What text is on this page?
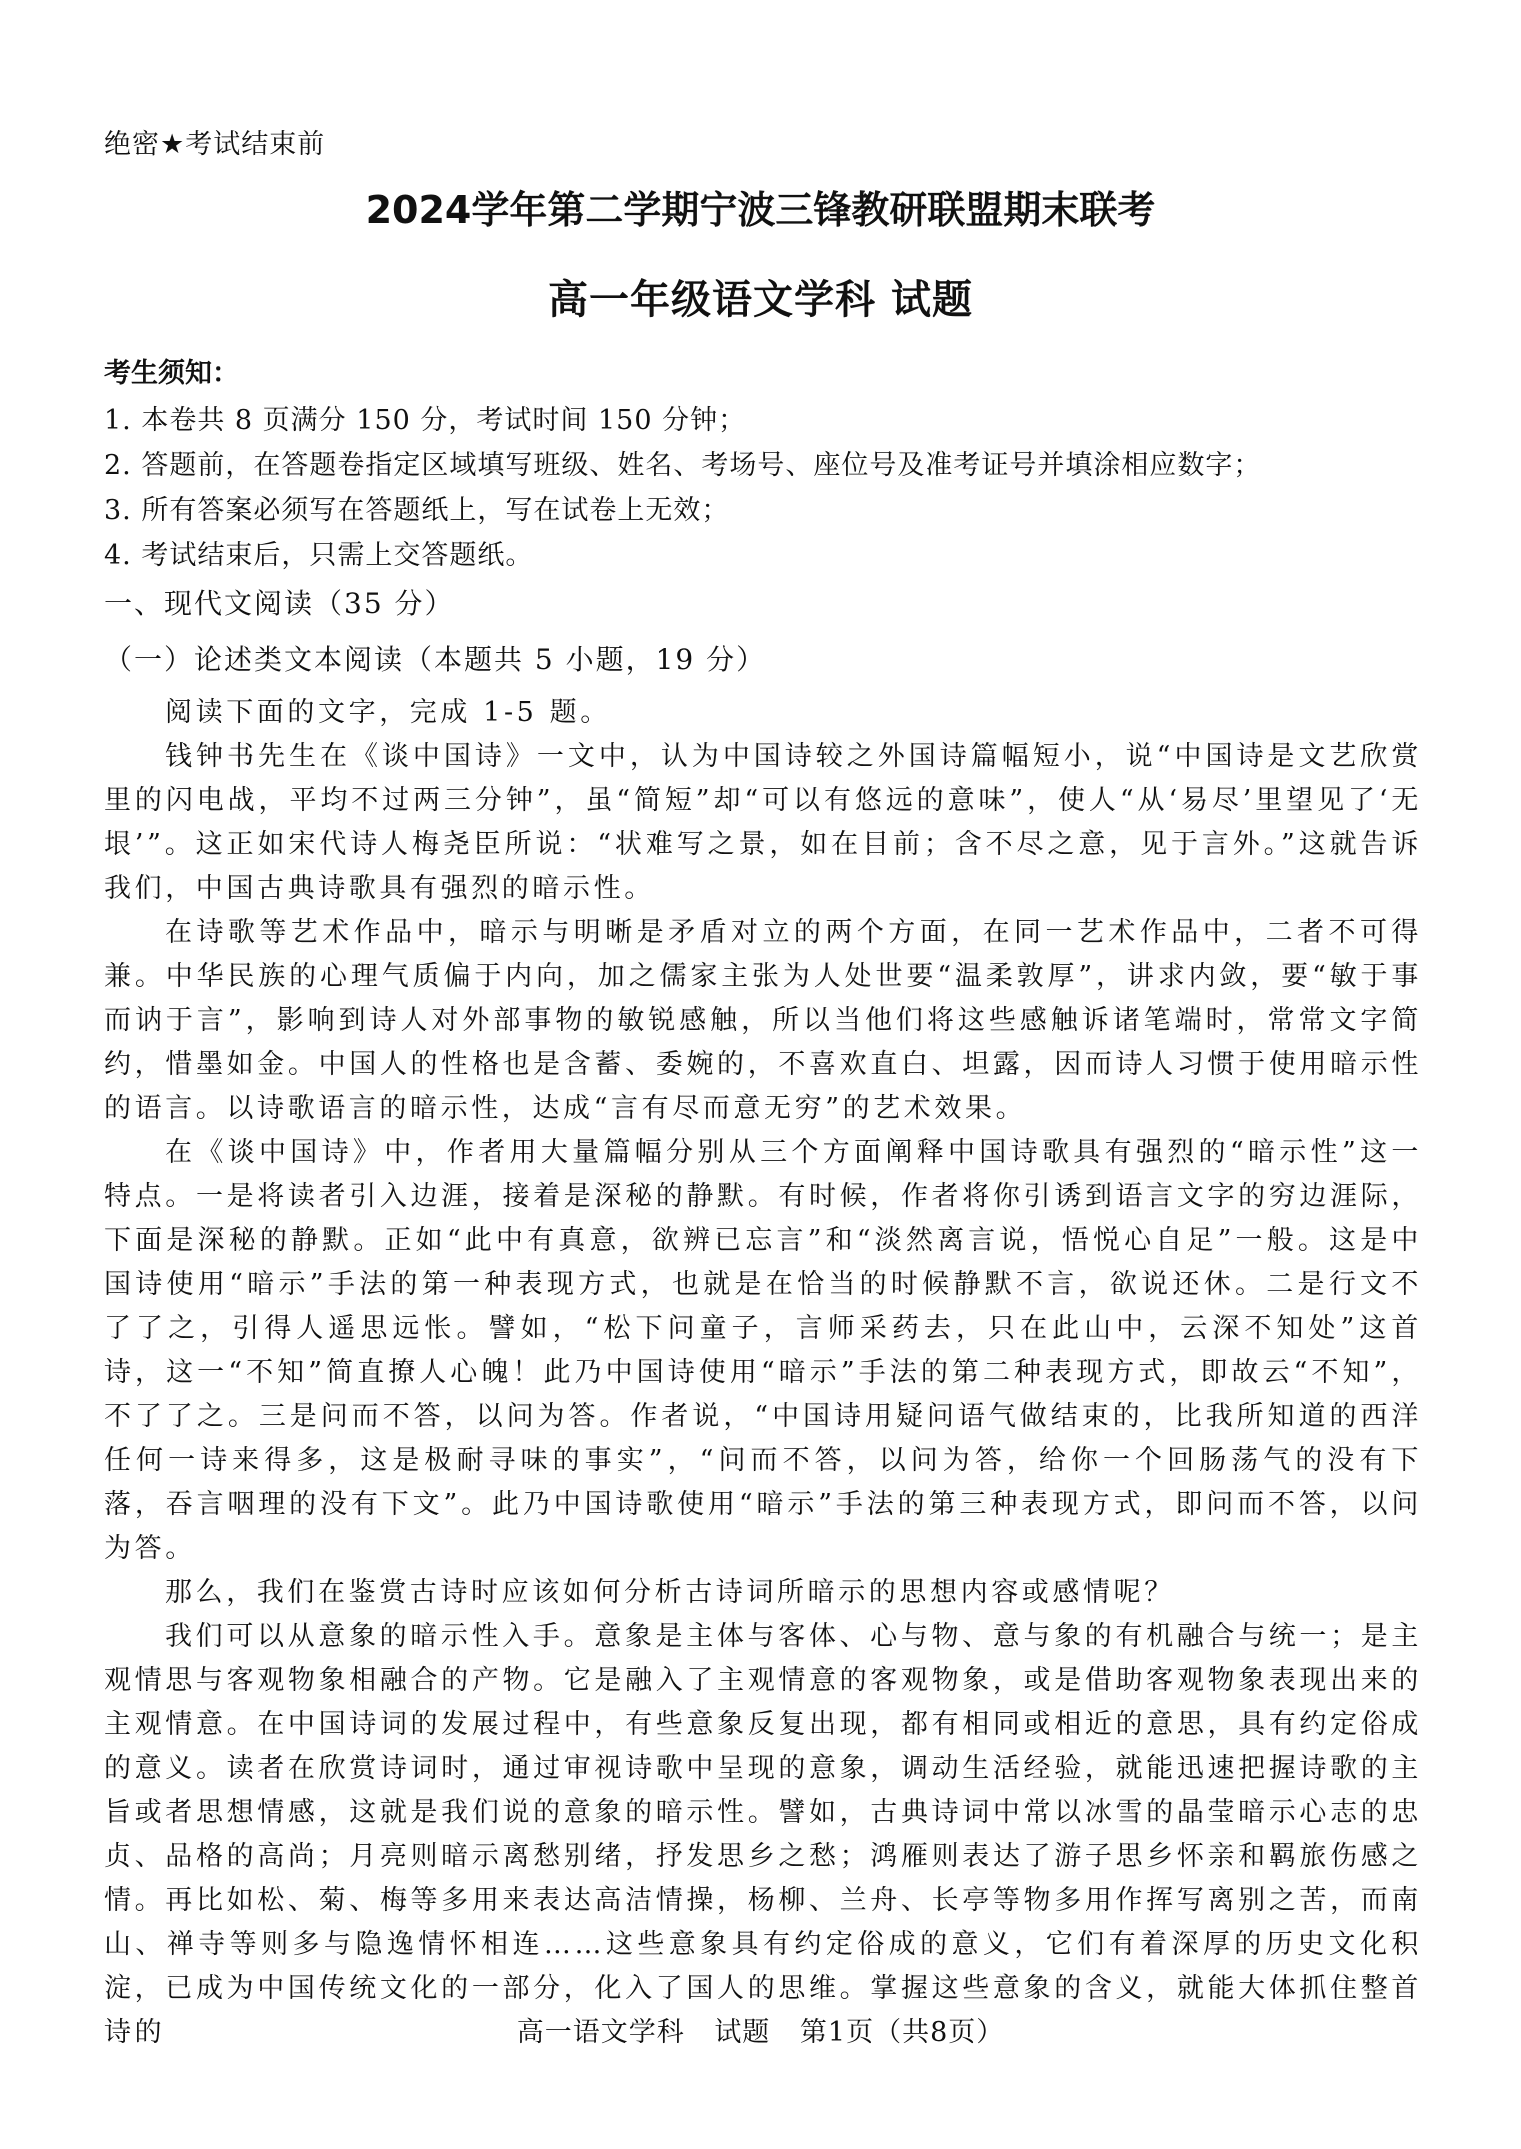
绝密★考试结束前
2024学年第二学期宁波三锋教研联盟期末联考
高一年级语文学科 试题
考生须知：
1. 本卷共 8 页满分 150 分，考试时间 150 分钟；
2. 答题前，在答题卷指定区域填写班级、姓名、考场号、座位号及准考证号并填涂相应数字；
3. 所有答案必须写在答题纸上，写在试卷上无效；
4. 考试结束后，只需上交答题纸。
一、现代文阅读（35 分）
（一）论述类文本阅读（本题共 5 小题，19 分）

阅读下面的文字，完成 1-5 题。

钱钟书先生在《谈中国诗》一文中，认为中国诗较之外国诗篇幅短小，说“中国诗是文艺欣赏里的闪电战，平均不过两三分钟”，虽“简短”却“可以有悠远的意味”，使人“从‘易尽’里望见了‘无垠’”。这正如宋代诗人梅尧臣所说：“状难写之景，如在目前；含不尽之意，见于言外。”这就告诉我们，中国古典诗歌具有强烈的暗示性。

在诗歌等艺术作品中，暗示与明晰是矛盾对立的两个方面，在同一艺术作品中，二者不可得兼。中华民族的心理气质偏于内向，加之儒家主张为人处世要“温柔敦厚”，讲求内敛，要“敏于事而讷于言”，影响到诗人对外部事物的敏锐感触，所以当他们将这些感触诉诸笔端时，常常文字简约，惜墨如金。中国人的性格也是含蓄、委婉的，不喜欢直白、坦露，因而诗人习惯于使用暗示性的语言。以诗歌语言的暗示性，达成“言有尽而意无穷”的艺术效果。

在《谈中国诗》中，作者用大量篇幅分别从三个方面阐释中国诗歌具有强烈的“暗示性”这一特点。一是将读者引入边涯，接着是深秘的静默。有时候，作者将你引诱到语言文字的穷边涯际，下面是深秘的静默。正如“此中有真意，欲辨已忘言”和“淡然离言说，悟悦心自足”一般。这是中国诗使用“暗示”手法的第一种表现方式，也就是在恰当的时候静默不言，欲说还休。二是行文不了了之，引得人遥思远怅。譬如，“松下问童子，言师采药去，只在此山中，云深不知处”这首诗，这一“不知”简直撩人心魄！此乃中国诗使用“暗示”手法的第二种表现方式，即故云“不知”，不了了之。三是问而不答，以问为答。作者说，“中国诗用疑问语气做结束的，比我所知道的西洋任何一诗来得多，这是极耐寻味的事实”，“问而不答，以问为答，给你一个回肠荡气的没有下落，吞言咽理的没有下文”。此乃中国诗歌使用“暗示”手法的第三种表现方式，即问而不答，以问为答。

那么，我们在鉴赏古诗时应该如何分析古诗词所暗示的思想内容或感情呢？

我们可以从意象的暗示性入手。意象是主体与客体、心与物、意与象的有机融合与统一；是主观情思与客观物象相融合的产物。它是融入了主观情意的客观物象，或是借助客观物象表现出来的主观情意。在中国诗词的发展过程中，有些意象反复出现，都有相同或相近的意思，具有约定俗成的意义。读者在欣赏诗词时，通过审视诗歌中呈现的意象，调动生活经验，就能迅速把握诗歌的主旨或者思想情感，这就是我们说的意象的暗示性。譬如，古典诗词中常以冰雪的晶莹暗示心志的忠贞、品格的高尚；月亮则暗示离愁别绪，抒发思乡之愁；鸿雁则表达了游子思乡怀亲和羁旅伤感之情。再比如松、菊、梅等多用来表达高洁情操，杨柳、兰舟、长亭等物多用作挥写离别之苦，而南山、禅寺等则多与隐逸情怀相连……这些意象具有约定俗成的意义，它们有着深厚的历史文化积淀，已成为中国传统文化的一部分，化入了国人的思维。掌握这些意象的含义，就能大体抓住整首诗的	高一语文学科 试题 第1页（共8页）
